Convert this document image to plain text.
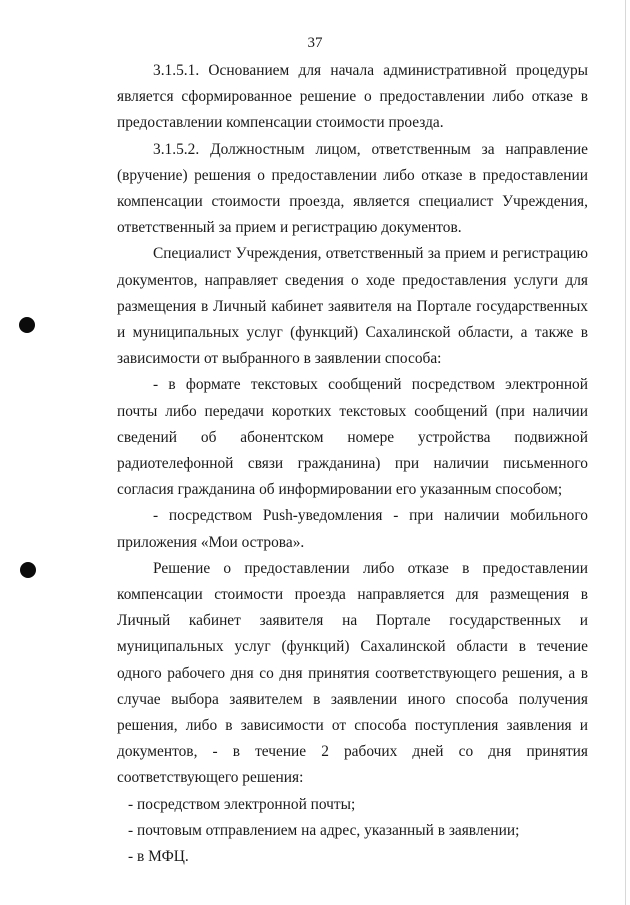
37

3.1.5.1. Основанием для начала административной процедуры является сформированное решение о предоставлении либо отказе в предоставлении компенсации стоимости проезда.

3.1.5.2. Должностным лицом, ответственным за направление (вручение) решения о предоставлении либо отказе в предоставлении компенсации стоимости проезда, является специалист Учреждения, ответственный за прием и регистрацию документов.

Специалист Учреждения, ответственный за прием и регистрацию документов, направляет сведения о ходе предоставления услуги для размещения в Личный кабинет заявителя на Портале государственных и муниципальных услуг (функций) Сахалинской области, а также в зависимости от выбранного в заявлении способа:

- в формате текстовых сообщений посредством электронной почты либо передачи коротких текстовых сообщений (при наличии сведений об абонентском номере устройства подвижной радиотелефонной связи гражданина) при наличии письменного согласия гражданина об информировании его указанным способом;

- посредством Push-уведомления - при наличии мобильного приложения «Мои острова».

Решение о предоставлении либо отказе в предоставлении компенсации стоимости проезда направляется для размещения в Личный кабинет заявителя на Портале государственных и муниципальных услуг (функций) Сахалинской области в течение одного рабочего дня со дня принятия соответствующего решения, а в случае выбора заявителем в заявлении иного способа получения решения, либо в зависимости от способа поступления заявления и документов, - в течение 2 рабочих дней со дня принятия соответствующего решения:

- посредством электронной почты;

- почтовым отправлением на адрес, указанный в заявлении;

- в МФЦ.
